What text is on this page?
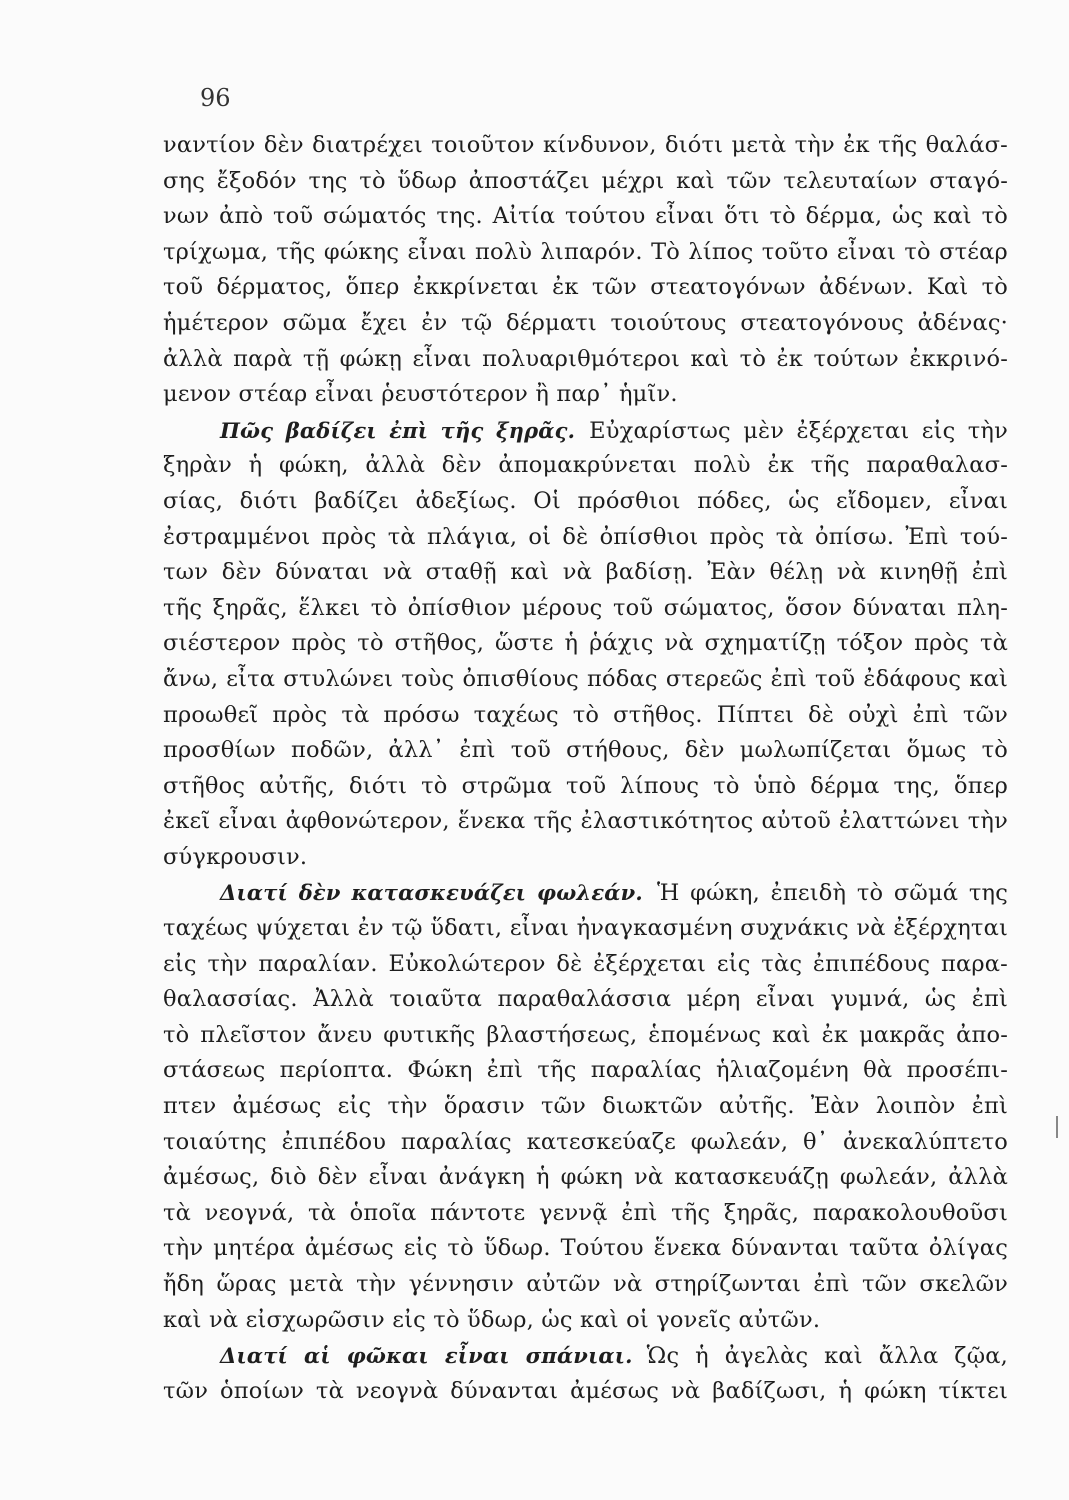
96
ναντίον δὲν διατρέχει τοιοῦτον κίνδυνον, διότι μετὰ τὴν ἐκ τῆς θαλάσ-
σης ἔξοδόν της τὸ ὕδωρ ἀποστάζει μέχρι καὶ τῶν τελευταίων σταγό-
νων ἀπὸ τοῦ σώματός της. Αἰτία τούτου εἶναι ὅτι τὸ δέρμα, ὡς καὶ τὸ
τρίχωμα, τῆς φώκης εἶναι πολὺ λιπαρόν. Τὸ λίπος τοῦτο εἶναι τὸ στέαρ
τοῦ δέρματος, ὅπερ ἐκκρίνεται ἐκ τῶν στεατογόνων ἀδένων. Καὶ τὸ
ἡμέτερον σῶμα ἔχει ἐν τῷ δέρματι τοιούτους στεατογόνους ἀδένας·
ἀλλὰ παρὰ τῇ φώκῃ εἶναι πολυαριθμότεροι καὶ τὸ ἐκ τούτων ἐκκρινό-
μενον στέαρ εἶναι ῥευστότερον ἢ παρ᾽ ἡμῖν.
Πῶς βαδίζει ἐπὶ τῆς ξηρᾶς. Εὐχαρίστως μὲν ἐξέρχεται εἰς τὴν
ξηρὰν ἡ φώκη, ἀλλὰ δὲν ἀπομακρύνεται πολὺ ἐκ τῆς παραθαλασ-
σίας, διότι βαδίζει ἀδεξίως. Οἱ πρόσθιοι πόδες, ὡς εἴδομεν, εἶναι
ἐστραμμένοι πρὸς τὰ πλάγια, οἱ δὲ ὀπίσθιοι πρὸς τὰ ὀπίσω. Ἐπὶ τού-
των δὲν δύναται νὰ σταθῇ καὶ νὰ βαδίσῃ. Ἐὰν θέλῃ νὰ κινηθῇ ἐπὶ
τῆς ξηρᾶς, ἕλκει τὸ ὀπίσθιον μέρους τοῦ σώματος, ὅσον δύναται πλη-
σιέστερον πρὸς τὸ στῆθος, ὥστε ἡ ῥάχις νὰ σχηματίζῃ τόξον πρὸς τὰ
ἄνω, εἶτα στυλώνει τοὺς ὀπισθίους πόδας στερεῶς ἐπὶ τοῦ ἐδάφους καὶ
προωθεῖ πρὸς τὰ πρόσω ταχέως τὸ στῆθος. Πίπτει δὲ οὐχὶ ἐπὶ τῶν
προσθίων ποδῶν, ἀλλ᾽ ἐπὶ τοῦ στήθους, δὲν μωλωπίζεται ὅμως τὸ
στῆθος αὐτῆς, διότι τὸ στρῶμα τοῦ λίπους τὸ ὑπὸ δέρμα της, ὅπερ
ἐκεῖ εἶναι ἀφθονώτερον, ἕνεκα τῆς ἐλαστικότητος αὐτοῦ ἐλαττώνει τὴν
σύγκρουσιν.
Διατί δὲν κατασκευάζει φωλεάν. Ἡ φώκη, ἐπειδὴ τὸ σῶμά της
ταχέως ψύχεται ἐν τῷ ὕδατι, εἶναι ἠναγκασμένη συχνάκις νὰ ἐξέρχηται
εἰς τὴν παραλίαν. Εὐκολώτερον δὲ ἐξέρχεται εἰς τὰς ἐπιπέδους παρα-
θαλασσίας. Ἀλλὰ τοιαῦτα παραθαλάσσια μέρη εἶναι γυμνά, ὡς ἐπὶ
τὸ πλεῖστον ἄνευ φυτικῆς βλαστήσεως, ἑπομένως καὶ ἐκ μακρᾶς ἀπο-
στάσεως περίοπτα. Φώκη ἐπὶ τῆς παραλίας ἡλιαζομένη θὰ προσέπι-
πτεν ἀμέσως εἰς τὴν ὅρασιν τῶν διωκτῶν αὐτῆς. Ἐὰν λοιπὸν ἐπὶ
τοιαύτης ἐπιπέδου παραλίας κατεσκεύαζε φωλεάν, θ᾽ ἀνεκαλύπτετο
ἀμέσως, διὸ δὲν εἶναι ἀνάγκη ἡ φώκη νὰ κατασκευάζῃ φωλεάν, ἀλλὰ
τὰ νεογνά, τὰ ὁποῖα πάντοτε γεννᾷ ἐπὶ τῆς ξηρᾶς, παρακολουθοῦσι
τὴν μητέρα ἀμέσως εἰς τὸ ὕδωρ. Τούτου ἕνεκα δύνανται ταῦτα ὀλίγας
ἤδη ὥρας μετὰ τὴν γέννησιν αὐτῶν νὰ στηρίζωνται ἐπὶ τῶν σκελῶν
καὶ νὰ εἰσχωρῶσιν εἰς τὸ ὕδωρ, ὡς καὶ οἱ γονεῖς αὐτῶν.
Διατί αἱ φῶκαι εἶναι σπάνιαι. Ὡς ἡ ἀγελὰς καὶ ἄλλα ζῷα,
τῶν ὁποίων τὰ νεογνὰ δύνανται ἀμέσως νὰ βαδίζωσι, ἡ φώκη τίκτει
